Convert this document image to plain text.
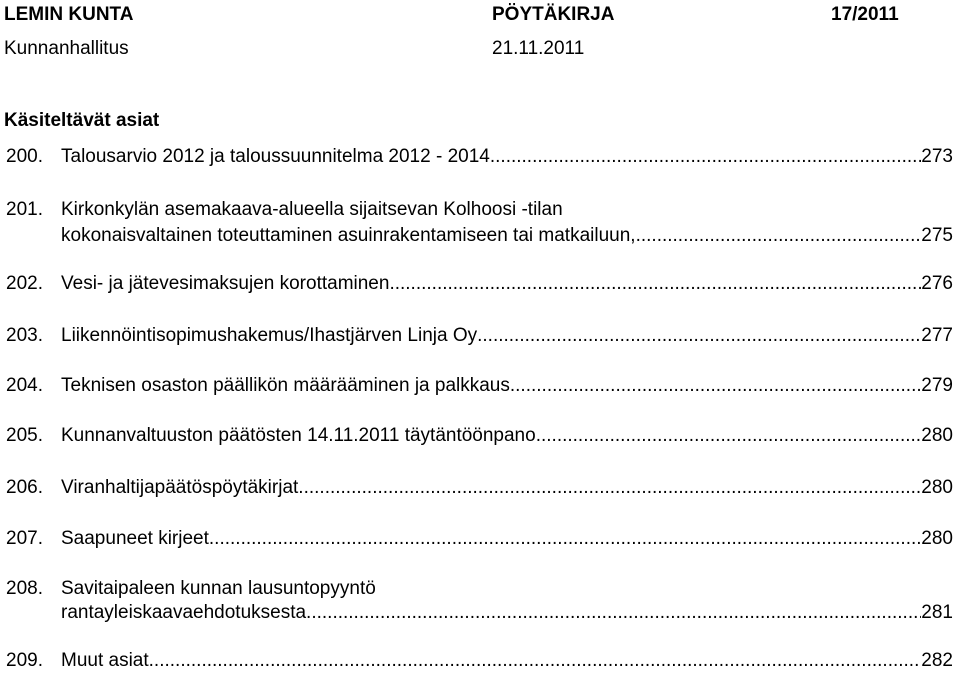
LEMIN KUNTA	PÖYTÄKIRJA	17/2011
Kunnanhallitus	21.11.2011
Käsiteltävät asiat
200. Talousarvio 2012 ja taloussuunnitelma 2012 - 2014 .....	273
201. Kirkonkylän asemakaava-alueella sijaitsevan Kolhoosi -tilan
kokonaisvaltainen toteuttaminen asuinrakentamiseen tai matkailuun, .....	275
202. Vesi- ja jätevesimaksujen korottaminen .....	276
203. Liikennöintisopimushakemus/Ihastjärven Linja Oy .....	277
204. Teknisen osaston päällikön määrääminen ja palkkaus .....	279
205. Kunnanvaltuuston päätösten 14.11.2011 täytäntöönpano .....	280
206. Viranhaltijapäätöspöytäkirjat .....	280
207. Saapuneet kirjeet .....	280
208. Savitaipaleen kunnan lausuntopyyntö
rantayleiskaavaehdotuksesta .....	281
209. Muut asiat .....	282
